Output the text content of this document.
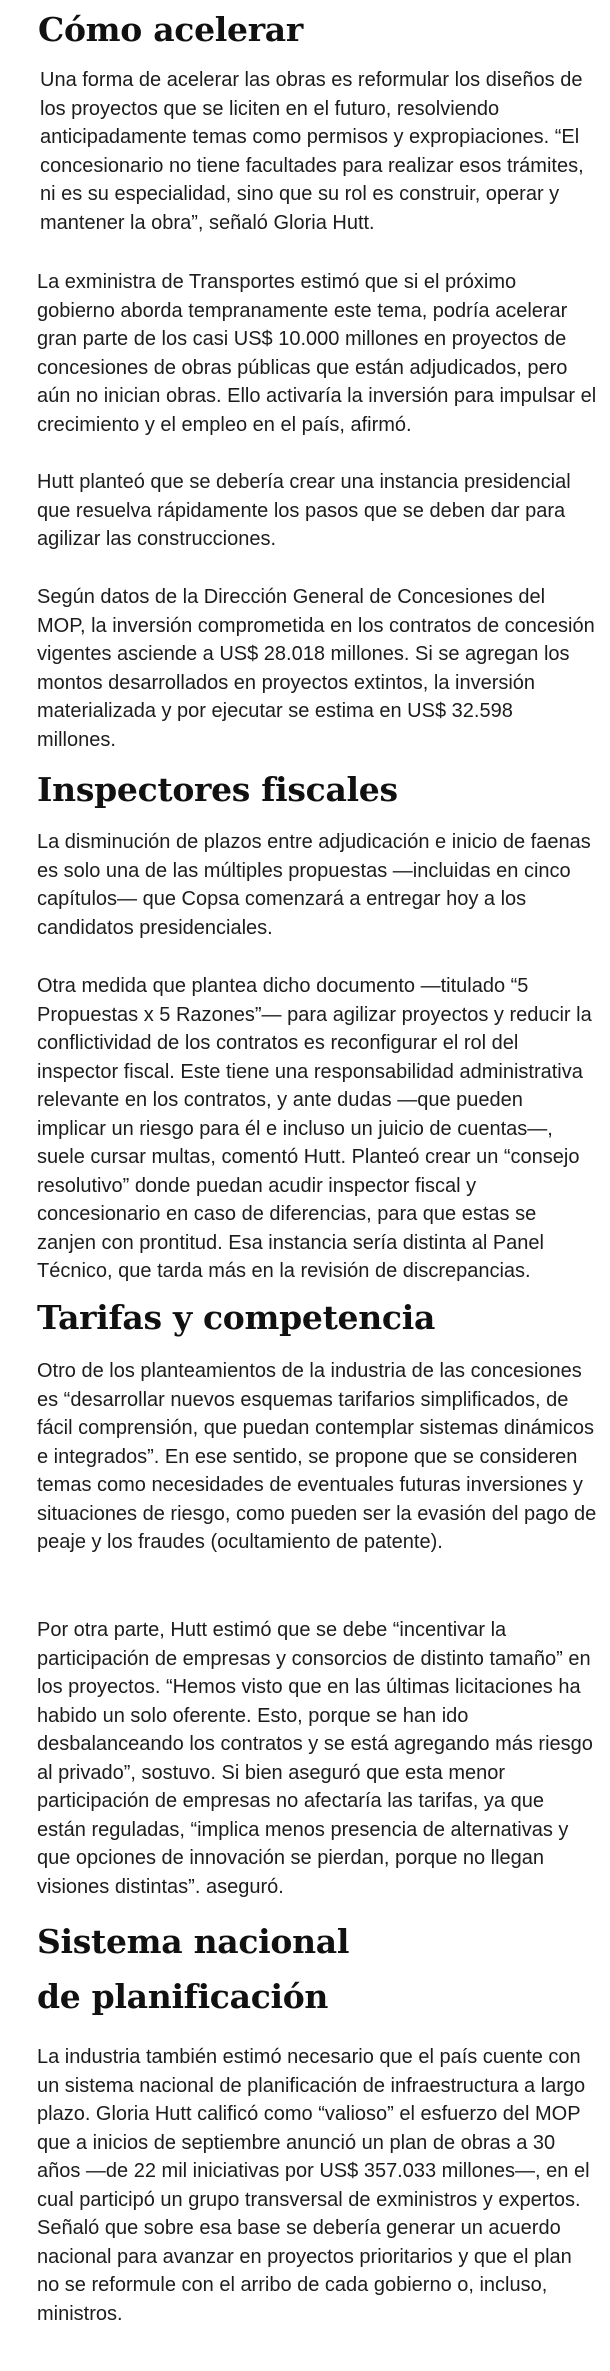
Cómo acelerar

Una forma de acelerar las obras es reformular los diseños de los proyectos que se liciten en el futuro, resolviendo anticipadamente temas como permisos y expropiaciones. “El concesionario no tiene facultades para realizar esos trámites, ni es su especialidad, sino que su rol es construir, operar y mantener la obra”, señaló Gloria Hutt.

La exministra de Transportes estimó que si el próximo gobierno aborda tempranamente este tema, podría acelerar gran parte de los casi US$ 10.000 millones en proyectos de concesiones de obras públicas que están adjudicados, pero aún no inician obras. Ello activaría la inversión para impulsar el crecimiento y el empleo en el país, afirmó.

Hutt planteó que se debería crear una instancia presidencial que resuelva rápidamente los pasos que se deben dar para agilizar las construcciones.

Según datos de la Dirección General de Concesiones del MOP, la inversión comprometida en los contratos de concesión vigentes asciende a US$ 28.018 millones. Si se agregan los montos desarrollados en proyectos extintos, la inversión materializada y por ejecutar se estima en US$ 32.598 millones.

Inspectores fiscales

La disminución de plazos entre adjudicación e inicio de faenas es solo una de las múltiples propuestas —incluidas en cinco capítulos— que Copsa comenzará a entregar hoy a los candidatos presidenciales.

Otra medida que plantea dicho documento —titulado “5 Propuestas x 5 Razones”— para agilizar proyectos y reducir la conflictividad de los contratos es reconfigurar el rol del inspector fiscal. Este tiene una responsabilidad administrativa relevante en los contratos, y ante dudas —que pueden implicar un riesgo para él e incluso un juicio de cuentas—, suele cursar multas, comentó Hutt. Planteó crear un “consejo resolutivo” donde puedan acudir inspector fiscal y concesionario en caso de diferencias, para que estas se zanjen con prontitud. Esa instancia sería distinta al Panel Técnico, que tarda más en la revisión de discrepancias.

Tarifas y competencia

Otro de los planteamientos de la industria de las concesiones es “desarrollar nuevos esquemas tarifarios simplificados, de fácil comprensión, que puedan contemplar sistemas dinámicos e integrados”. En ese sentido, se propone que se consideren temas como necesidades de eventuales futuras inversiones y situaciones de riesgo, como pueden ser la evasión del pago de peaje y los fraudes (ocultamiento de patente).

Por otra parte, Hutt estimó que se debe “incentivar la participación de empresas y consorcios de distinto tamaño” en los proyectos. “Hemos visto que en las últimas licitaciones ha habido un solo oferente. Esto, porque se han ido desbalanceando los contratos y se está agregando más riesgo al privado”, sostuvo. Si bien aseguró que esta menor participación de empresas no afectaría las tarifas, ya que están reguladas, “implica menos presencia de alternativas y que opciones de innovación se pierdan, porque no llegan visiones distintas”. aseguró.

Sistema nacional
de planificación

La industria también estimó necesario que el país cuente con un sistema nacional de planificación de infraestructura a largo plazo. Gloria Hutt calificó como “valioso” el esfuerzo del MOP que a inicios de septiembre anunció un plan de obras a 30 años —de 22 mil iniciativas por US$ 357.033 millones—, en el cual participó un grupo transversal de exministros y expertos. Señaló que sobre esa base se debería generar un acuerdo nacional para avanzar en proyectos prioritarios y que el plan no se reformule con el arribo de cada gobierno o, incluso, ministros.
